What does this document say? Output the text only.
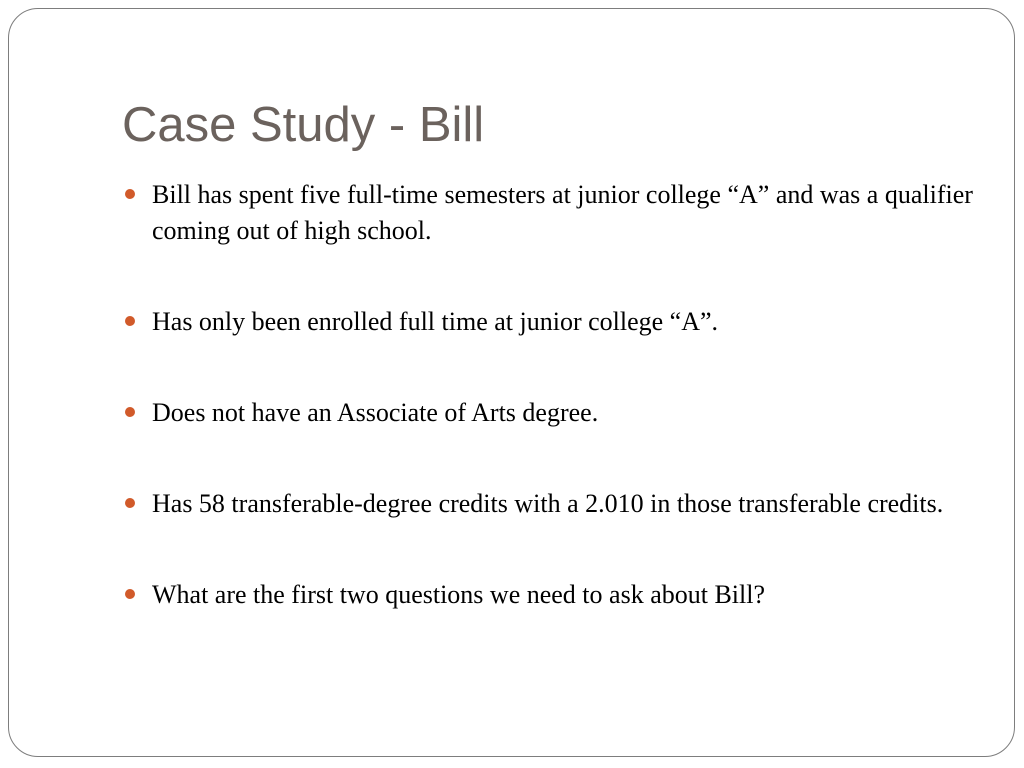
Case Study - Bill
Bill has spent five full-time semesters at junior college “A” and was a qualifier coming out of high school.
Has only been enrolled full time at junior college “A”.
Does not have an Associate of Arts degree.
Has 58 transferable-degree credits with a 2.010 in those transferable credits.
What are the first two questions we need to ask about Bill?
